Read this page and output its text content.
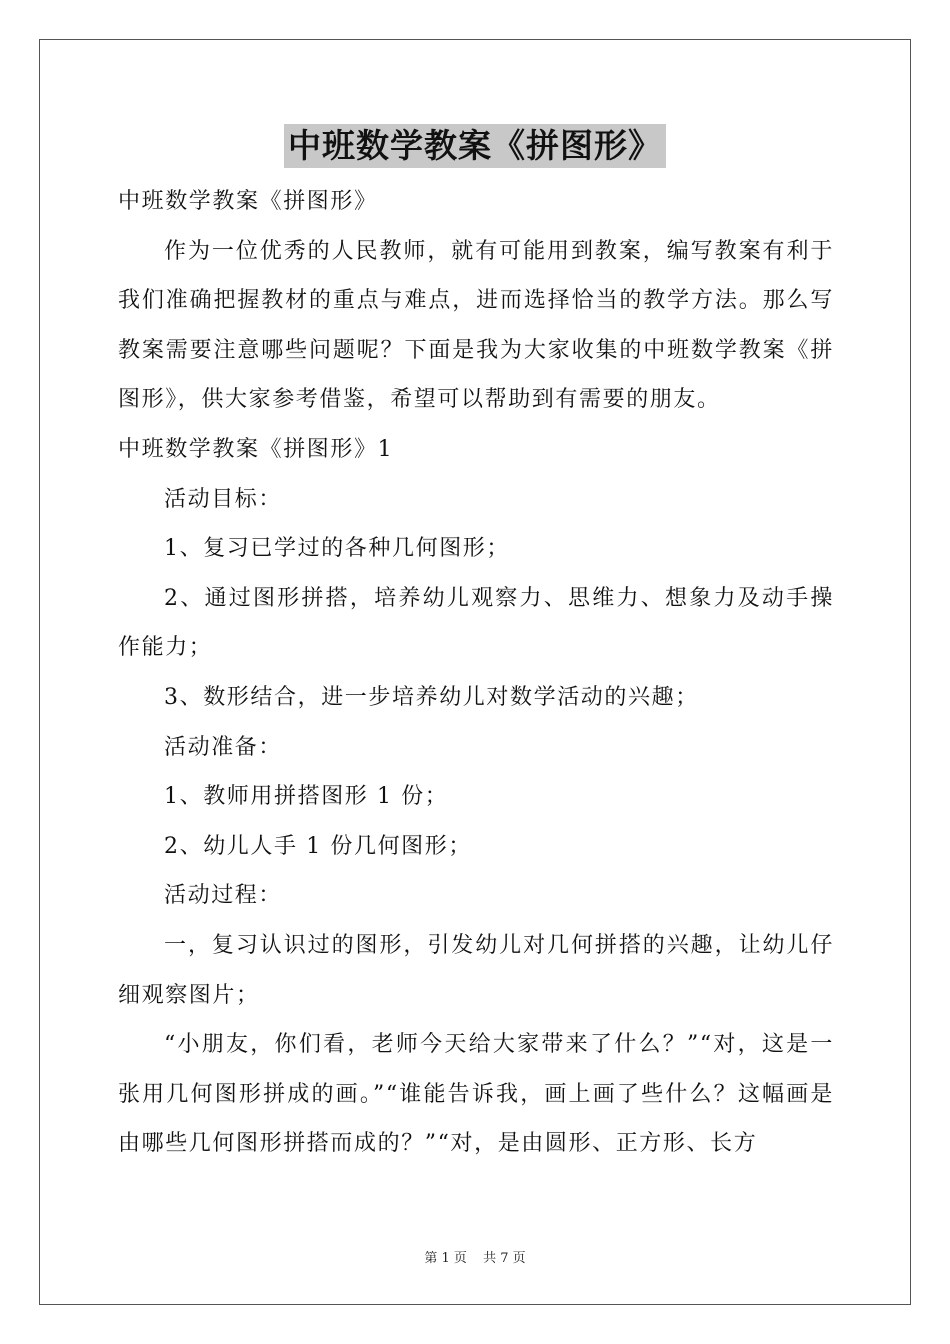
中班数学教案《拼图形》

中班数学教案《拼图形》

作为一位优秀的人民教师，就有可能用到教案，编写教案有利于我们准确把握教材的重点与难点，进而选择恰当的教学方法。那么写教案需要注意哪些问题呢？下面是我为大家收集的中班数学教案《拼图形》，供大家参考借鉴，希望可以帮助到有需要的朋友。

中班数学教案《拼图形》1

活动目标：

1、复习已学过的各种几何图形；

2、通过图形拼搭，培养幼儿观察力、思维力、想象力及动手操作能力；

3、数形结合，进一步培养幼儿对数学活动的兴趣；

活动准备：

1、教师用拼搭图形 1 份；

2、幼儿人手 1 份几何图形；

活动过程：

一，复习认识过的图形，引发幼儿对几何拼搭的兴趣，让幼儿仔细观察图片；

“小朋友，你们看，老师今天给大家带来了什么？”“对，这是一张用几何图形拼成的画。”“谁能告诉我，画上画了些什么？这幅画是由哪些几何图形拼搭而成的？”“对，是由圆形、正方形、长方

第 1 页 共 7 页
